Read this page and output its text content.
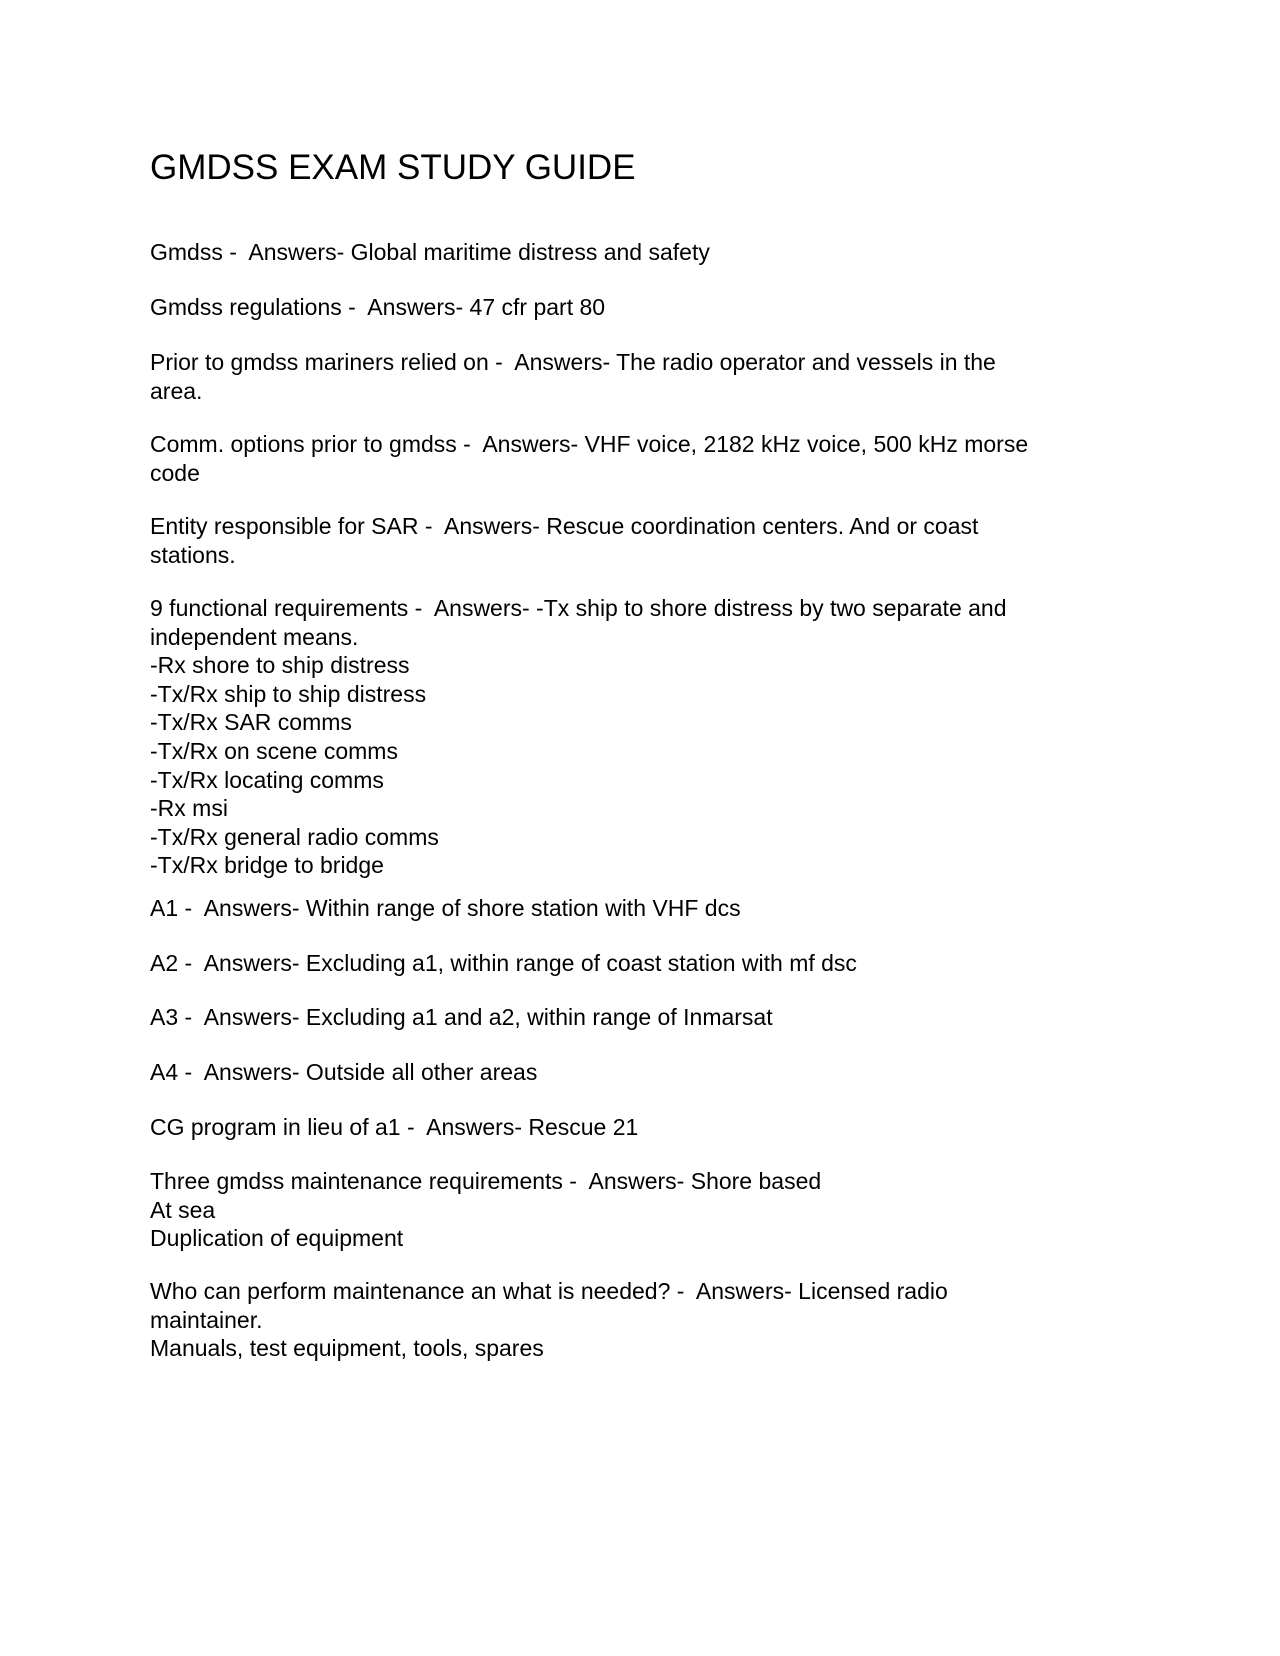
GMDSS EXAM STUDY GUIDE
Gmdss -  Answers- Global maritime distress and safety
Gmdss regulations -  Answers- 47 cfr part 80
Prior to gmdss mariners relied on -  Answers- The radio operator and vessels in the
area.
Comm. options prior to gmdss -  Answers- VHF voice, 2182 kHz voice, 500 kHz morse
code
Entity responsible for SAR -  Answers- Rescue coordination centers. And or coast
stations.
9 functional requirements -  Answers- -Tx ship to shore distress by two separate and
independent means.
-Rx shore to ship distress
-Tx/Rx ship to ship distress
-Tx/Rx SAR comms
-Tx/Rx on scene comms
-Tx/Rx locating comms
-Rx msi
-Tx/Rx general radio comms
-Tx/Rx bridge to bridge
A1 -  Answers- Within range of shore station with VHF dcs
A2 -  Answers- Excluding a1, within range of coast station with mf dsc
A3 -  Answers- Excluding a1 and a2, within range of Inmarsat
A4 -  Answers- Outside all other areas
CG program in lieu of a1 -  Answers- Rescue 21
Three gmdss maintenance requirements -  Answers- Shore based
At sea
Duplication of equipment
Who can perform maintenance an what is needed? -  Answers- Licensed radio
maintainer.
Manuals, test equipment, tools, spares
